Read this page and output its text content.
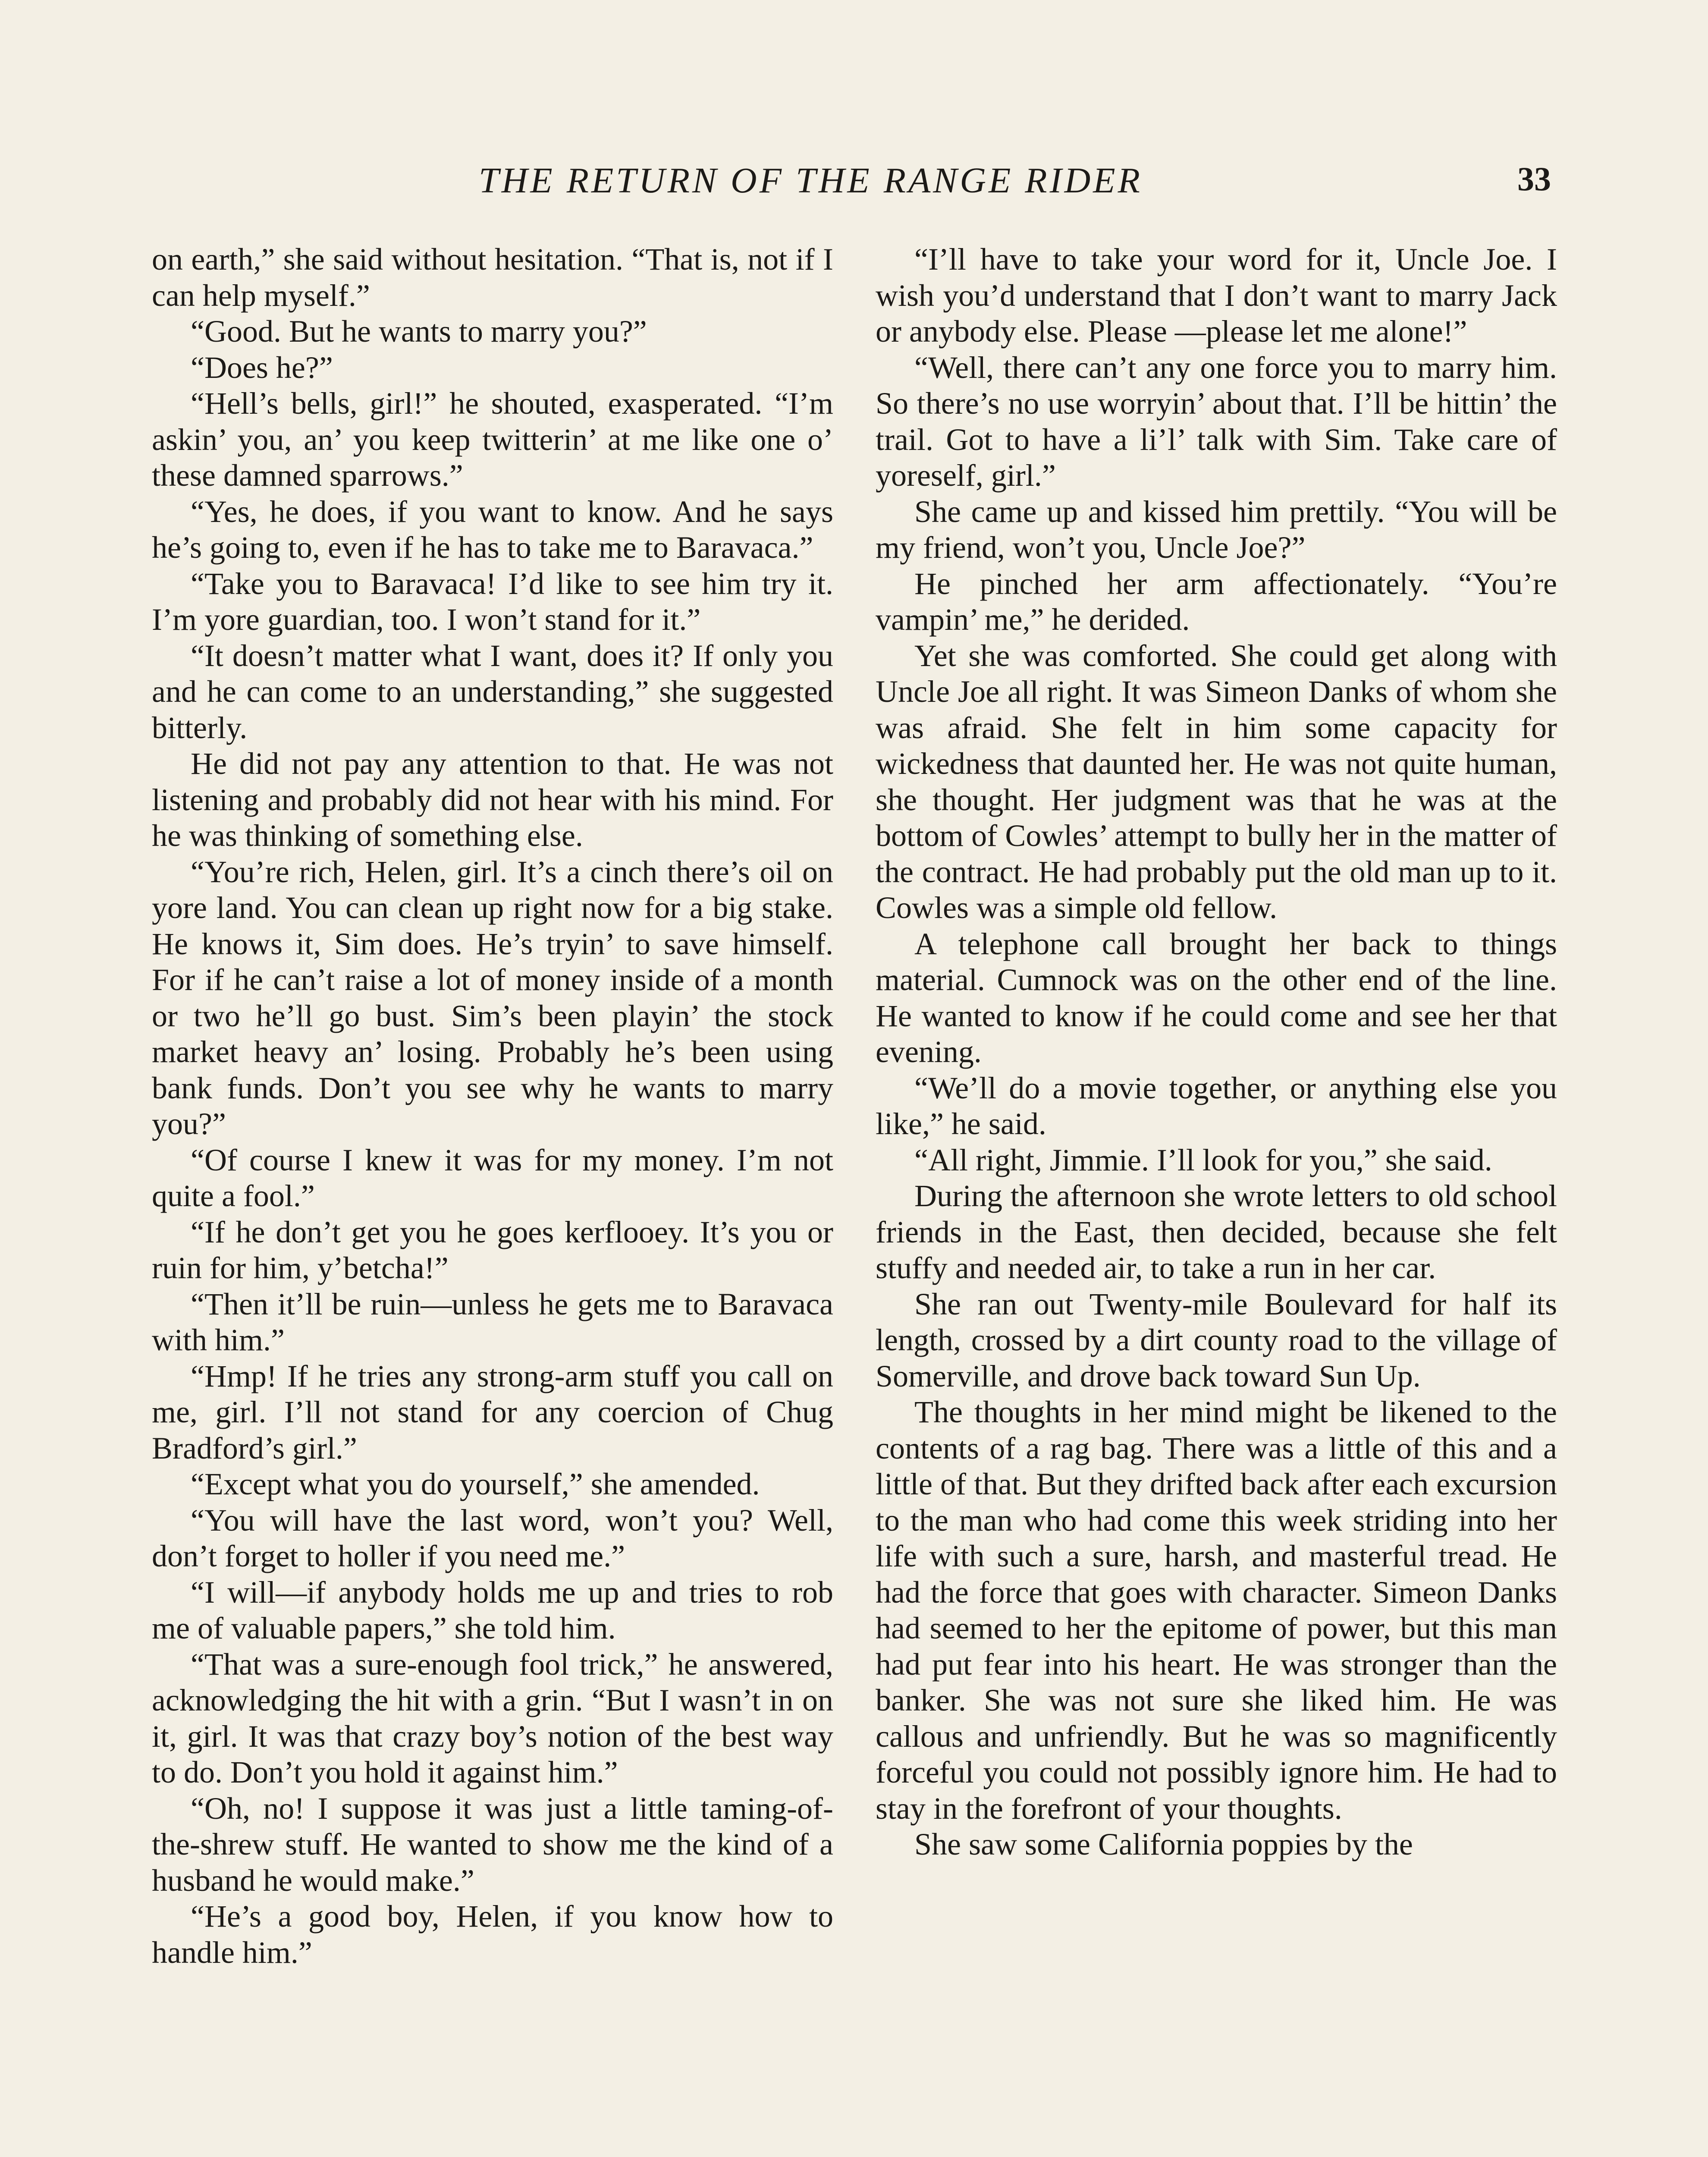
THE RETURN OF THE RANGE RIDER	33

on earth,” she said without hesitation. “That is, not if I can help myself.”

“Good. But he wants to marry you?”

“Does he?”

“Hell’s bells, girl!” he shouted, exasperated. “I’m askin’ you, an’ you keep twitterin’ at me like one o’ these damned sparrows.”

“Yes, he does, if you want to know. And he says he’s going to, even if he has to take me to Baravaca.”

“Take you to Baravaca! I’d like to see him try it. I’m yore guardian, too. I won’t stand for it.”

“It doesn’t matter what I want, does it? If only you and he can come to an understanding,” she suggested bitterly.

He did not pay any attention to that. He was not listening and probably did not hear with his mind. For he was thinking of something else.

“You’re rich, Helen, girl. It’s a cinch there’s oil on yore land. You can clean up right now for a big stake. He knows it, Sim does. He’s tryin’ to save himself. For if he can’t raise a lot of money inside of a month or two he’ll go bust. Sim’s been playin’ the stock market heavy an’ losing. Probably he’s been using bank funds. Don’t you see why he wants to marry you?”

“Of course I knew it was for my money. I’m not quite a fool.”

“If he don’t get you he goes kerflooey. It’s you or ruin for him, y’betcha!”

“Then it’ll be ruin—unless he gets me to Baravaca with him.”

“Hmp! If he tries any strong-arm stuff you call on me, girl. I’ll not stand for any coercion of Chug Bradford’s girl.”

“Except what you do yourself,” she amended.

“You will have the last word, won’t you? Well, don’t forget to holler if you need me.”

“I will—if anybody holds me up and tries to rob me of valuable papers,” she told him.

“That was a sure-enough fool trick,” he answered, acknowledging the hit with a grin. “But I wasn’t in on it, girl. It was that crazy boy’s notion of the best way to do. Don’t you hold it against him.”

“Oh, no! I suppose it was just a little taming-of-the-shrew stuff. He wanted to show me the kind of a husband he would make.”

“He’s a good boy, Helen, if you know how to handle him.”

“I’ll have to take your word for it, Uncle Joe. I wish you’d understand that I don’t want to marry Jack or anybody else. Please —please let me alone!”

“Well, there can’t any one force you to marry him. So there’s no use worryin’ about that. I’ll be hittin’ the trail. Got to have a li’l’ talk with Sim. Take care of yoreself, girl.”

She came up and kissed him prettily. “You will be my friend, won’t you, Uncle Joe?”

He pinched her arm affectionately. “You’re vampin’ me,” he derided.

Yet she was comforted. She could get along with Uncle Joe all right. It was Simeon Danks of whom she was afraid. She felt in him some capacity for wickedness that daunted her. He was not quite human, she thought. Her judgment was that he was at the bottom of Cowles’ attempt to bully her in the matter of the contract. He had probably put the old man up to it. Cowles was a simple old fellow.

A telephone call brought her back to things material. Cumnock was on the other end of the line. He wanted to know if he could come and see her that evening.

“We’ll do a movie together, or anything else you like,” he said.

“All right, Jimmie. I’ll look for you,” she said.

During the afternoon she wrote letters to old school friends in the East, then decided, because she felt stuffy and needed air, to take a run in her car.

She ran out Twenty-mile Boulevard for half its length, crossed by a dirt county road to the village of Somerville, and drove back toward Sun Up.

The thoughts in her mind might be likened to the contents of a rag bag. There was a little of this and a little of that. But they drifted back after each excursion to the man who had come this week striding into her life with such a sure, harsh, and masterful tread. He had the force that goes with character. Simeon Danks had seemed to her the epitome of power, but this man had put fear into his heart. He was stronger than the banker. She was not sure she liked him. He was callous and unfriendly. But he was so magnificently forceful you could not possibly ignore him. He had to stay in the forefront of your thoughts.

She saw some California poppies by the
